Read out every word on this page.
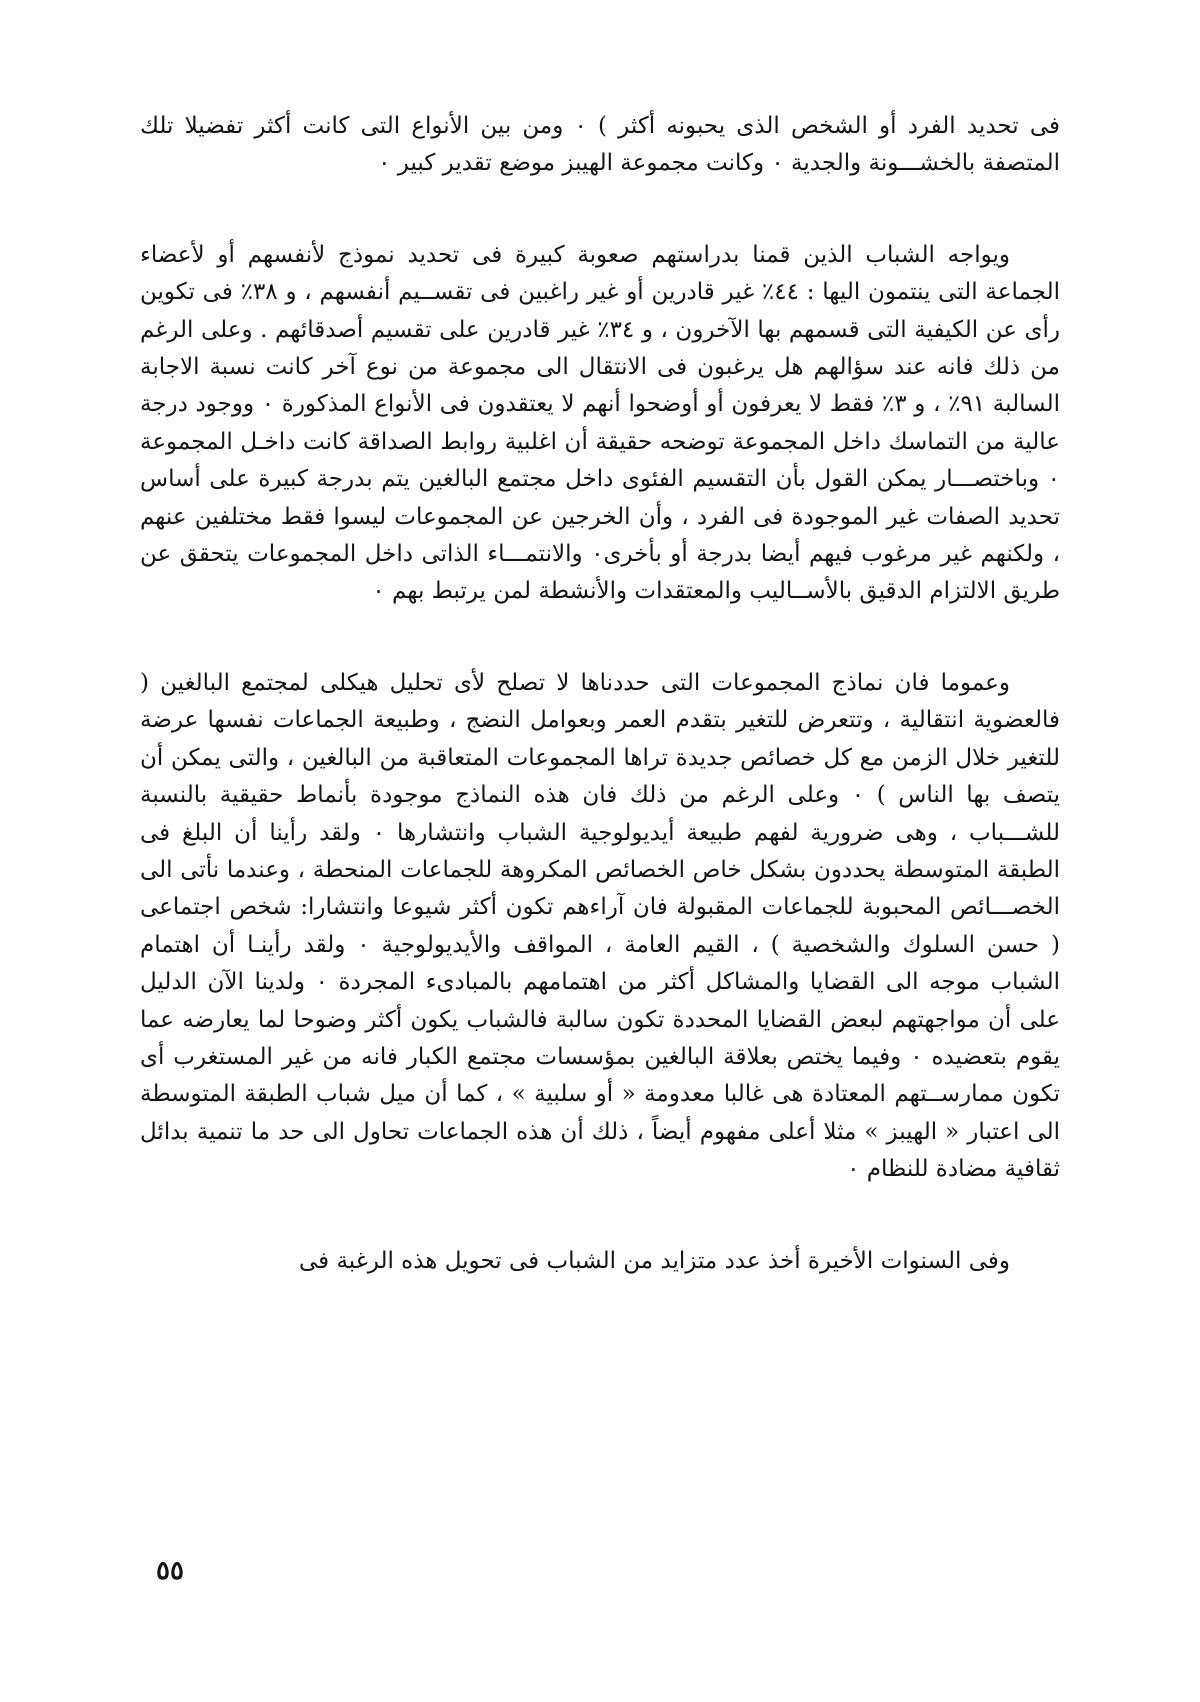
فى تحديد الفرد أو الشخص الذى يحبونه أكثر ) ٠ ومن بين الأنواع التى كانت أكثر تفضيلا تلك المتصفة بالخشـــونة والجدية ٠ وكانت مجموعة الهيبز موضع تقدير كبير ٠

ويواجه الشباب الذين قمنا بدراستهم صعوبة كبيرة فى تحديد نموذج لأنفسهم أو لأعضاء الجماعة التى ينتمون اليها : ٤٤٪ غير قادرين أو غير راغبين فى تقســيم أنفسهم ، و ٣٨٪ فى تكوين رأى عن الكيفية التى قسمهم بها الآخرون ، و ٣٤٪ غير قادرين على تقسيم أصدقائهم . وعلى الرغم من ذلك فانه عند سؤالهم هل يرغبون فى الانتقال الى مجموعة من نوع آخر كانت نسبة الاجابة السالبة ٩١٪ ، و ٣٪ فقط لا يعرفون أو أوضحوا أنهم لا يعتقدون فى الأنواع المذكورة ٠ ووجود درجة عالية من التماسك داخل المجموعة توضحه حقيقة أن اغلبية روابط الصداقة كانت داخـل المجموعة ٠ وباختصـــار يمكن القول بأن التقسيم الفئوى داخل مجتمع البالغين يتم بدرجة كبيرة على أساس تحديد الصفات غير الموجودة فى الفرد ، وأن الخرجين عن المجموعات ليسوا فقط مختلفين عنهم ، ولكنهم غير مرغوب فيهم أيضا بدرجة أو بأخرى٠ والانتمـــاء الذاتى داخل المجموعات يتحقق عن طريق الالتزام الدقيق بالأســاليب والمعتقدات والأنشطة لمن يرتبط بهم ٠

وعموما فان نماذج المجموعات التى حددناها لا تصلح لأى تحليل هيكلى لمجتمع البالغين ( فالعضوية انتقالية ، وتتعرض للتغير بتقدم العمر وبعوامل النضج ، وطبيعة الجماعات نفسها عرضة للتغير خلال الزمن مع كل خصائص جديدة تراها المجموعات المتعاقبة من البالغين ، والتى يمكن أن يتصف بها الناس ) ٠ وعلى الرغم من ذلك فان هذه النماذج موجودة بأنماط حقيقية بالنسبة للشـــباب ، وهى ضرورية لفهم طبيعة أيديولوجية الشباب وانتشارها ٠ ولقد رأينا أن البلغ فى الطبقة المتوسطة يحددون بشكل خاص الخصائص المكروهة للجماعات المنحطة ، وعندما نأتى الى الخصـــائص المحبوبة للجماعات المقبولة فان آراءهم تكون أكثر شيوعا وانتشارا: شخص اجتماعى ( حسن السلوك والشخصية ) ، القيم العامة ، المواقف والأيديولوجية ٠ ولقد رأينـا أن اهتمام الشباب موجه الى القضايا والمشاكل أكثر من اهتمامهم بالمبادىء المجردة ٠ ولدينا الآن الدليل على أن مواجهتهم لبعض القضايا المحددة تكون سالبة فالشباب يكون أكثر وضوحا لما يعارضه عما يقوم بتعضيده ٠ وفيما يختص بعلاقة البالغين بمؤسسات مجتمع الكبار فانه من غير المستغرب أى تكون ممارســتهم المعتادة هى غالبا معدومة « أو سلبية » ، كما أن ميل شباب الطبقة المتوسطة الى اعتبار « الهيبز » مثلا أعلى مفهوم أيضاً ، ذلك أن هذه الجماعات تحاول الى حد ما تنمية بدائل ثقافية مضادة للنظام ٠

وفى السنوات الأخيرة أخذ عدد متزايد من الشباب فى تحويل هذه الرغبة فى

٥٥
